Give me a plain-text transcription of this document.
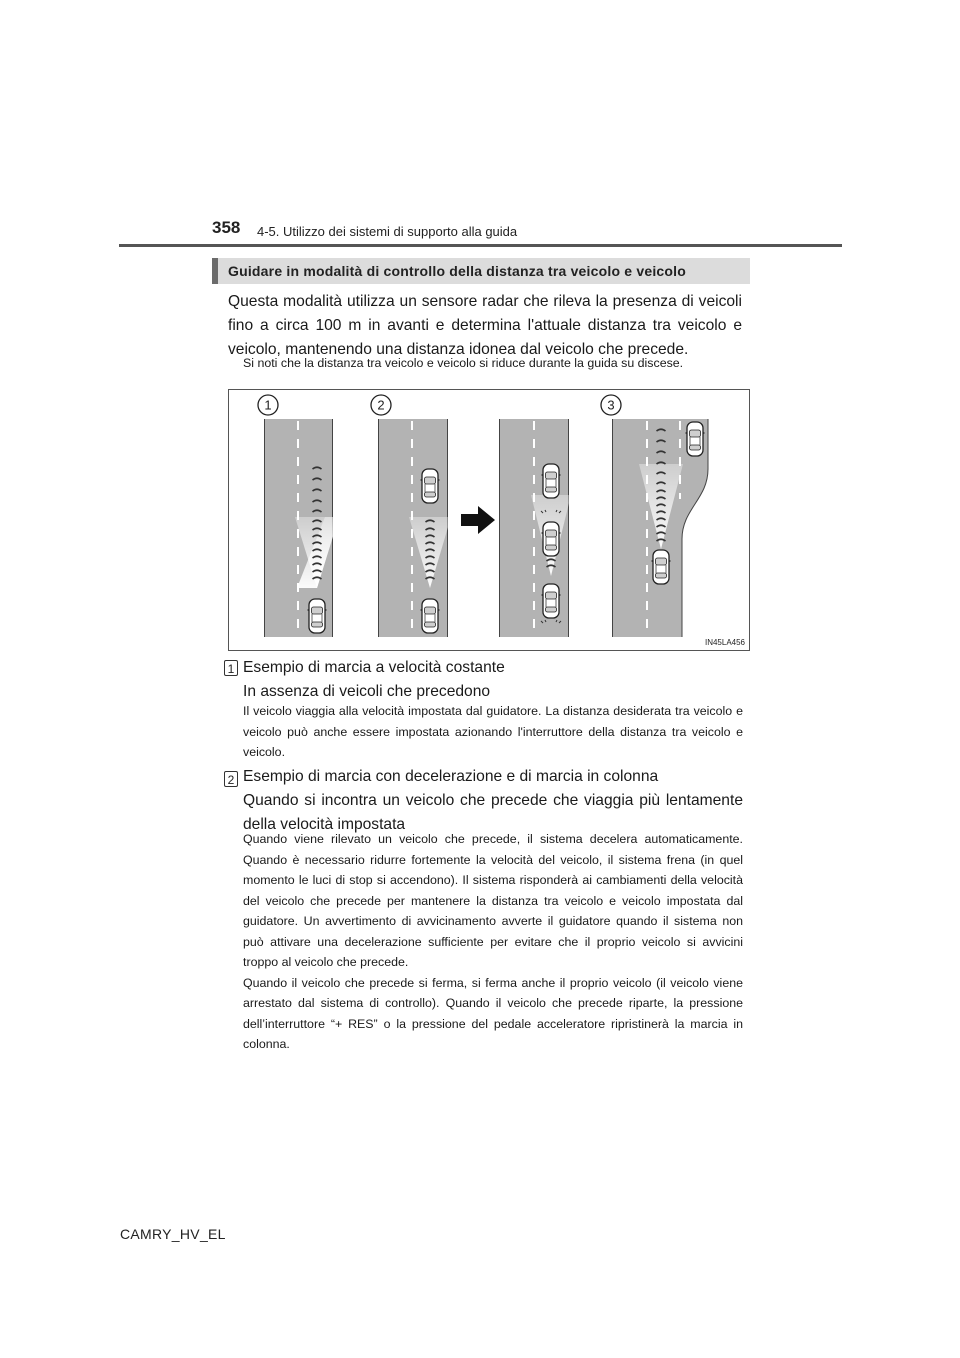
358 4-5. Utilizzo dei sistemi di supporto alla guida
Guidare in modalità di controllo della distanza tra veicolo e veicolo
Questa modalità utilizza un sensore radar che rileva la presenza di veicoli fino a circa 100 m in avanti e determina l'attuale distanza tra veicolo e veicolo, mantenendo una distanza idonea dal veicolo che precede.
Si noti che la distanza tra veicolo e veicolo si riduce durante la guida su discese.
1	2	3
IN45LA456
1 Esempio di marcia a velocità costante
In assenza di veicoli che precedono
Il veicolo viaggia alla velocità impostata dal guidatore. La distanza desiderata tra veicolo e veicolo può anche essere impostata azionando l'interruttore della distanza tra veicolo e veicolo.
2 Esempio di marcia con decelerazione e di marcia in colonna
Quando si incontra un veicolo che precede che viaggia più lentamente della velocità impostata
Quando viene rilevato un veicolo che precede, il sistema decelera automaticamente. Quando è necessario ridurre fortemente la velocità del veicolo, il sistema frena (in quel momento le luci di stop si accendono). Il sistema risponderà ai cambiamenti della velocità del veicolo che precede per mantenere la distanza tra veicolo e veicolo impostata dal guidatore. Un avvertimento di avvicinamento avverte il guidatore quando il sistema non può attivare una decelerazione sufficiente per evitare che il proprio veicolo si avvicini troppo al veicolo che precede.
Quando il veicolo che precede si ferma, si ferma anche il proprio veicolo (il veicolo viene arrestato dal sistema di controllo). Quando il veicolo che precede riparte, la pressione dell’interruttore “+ RES” o la pressione del pedale acceleratore ripristinerà la marcia in colonna.
CAMRY_HV_EL
